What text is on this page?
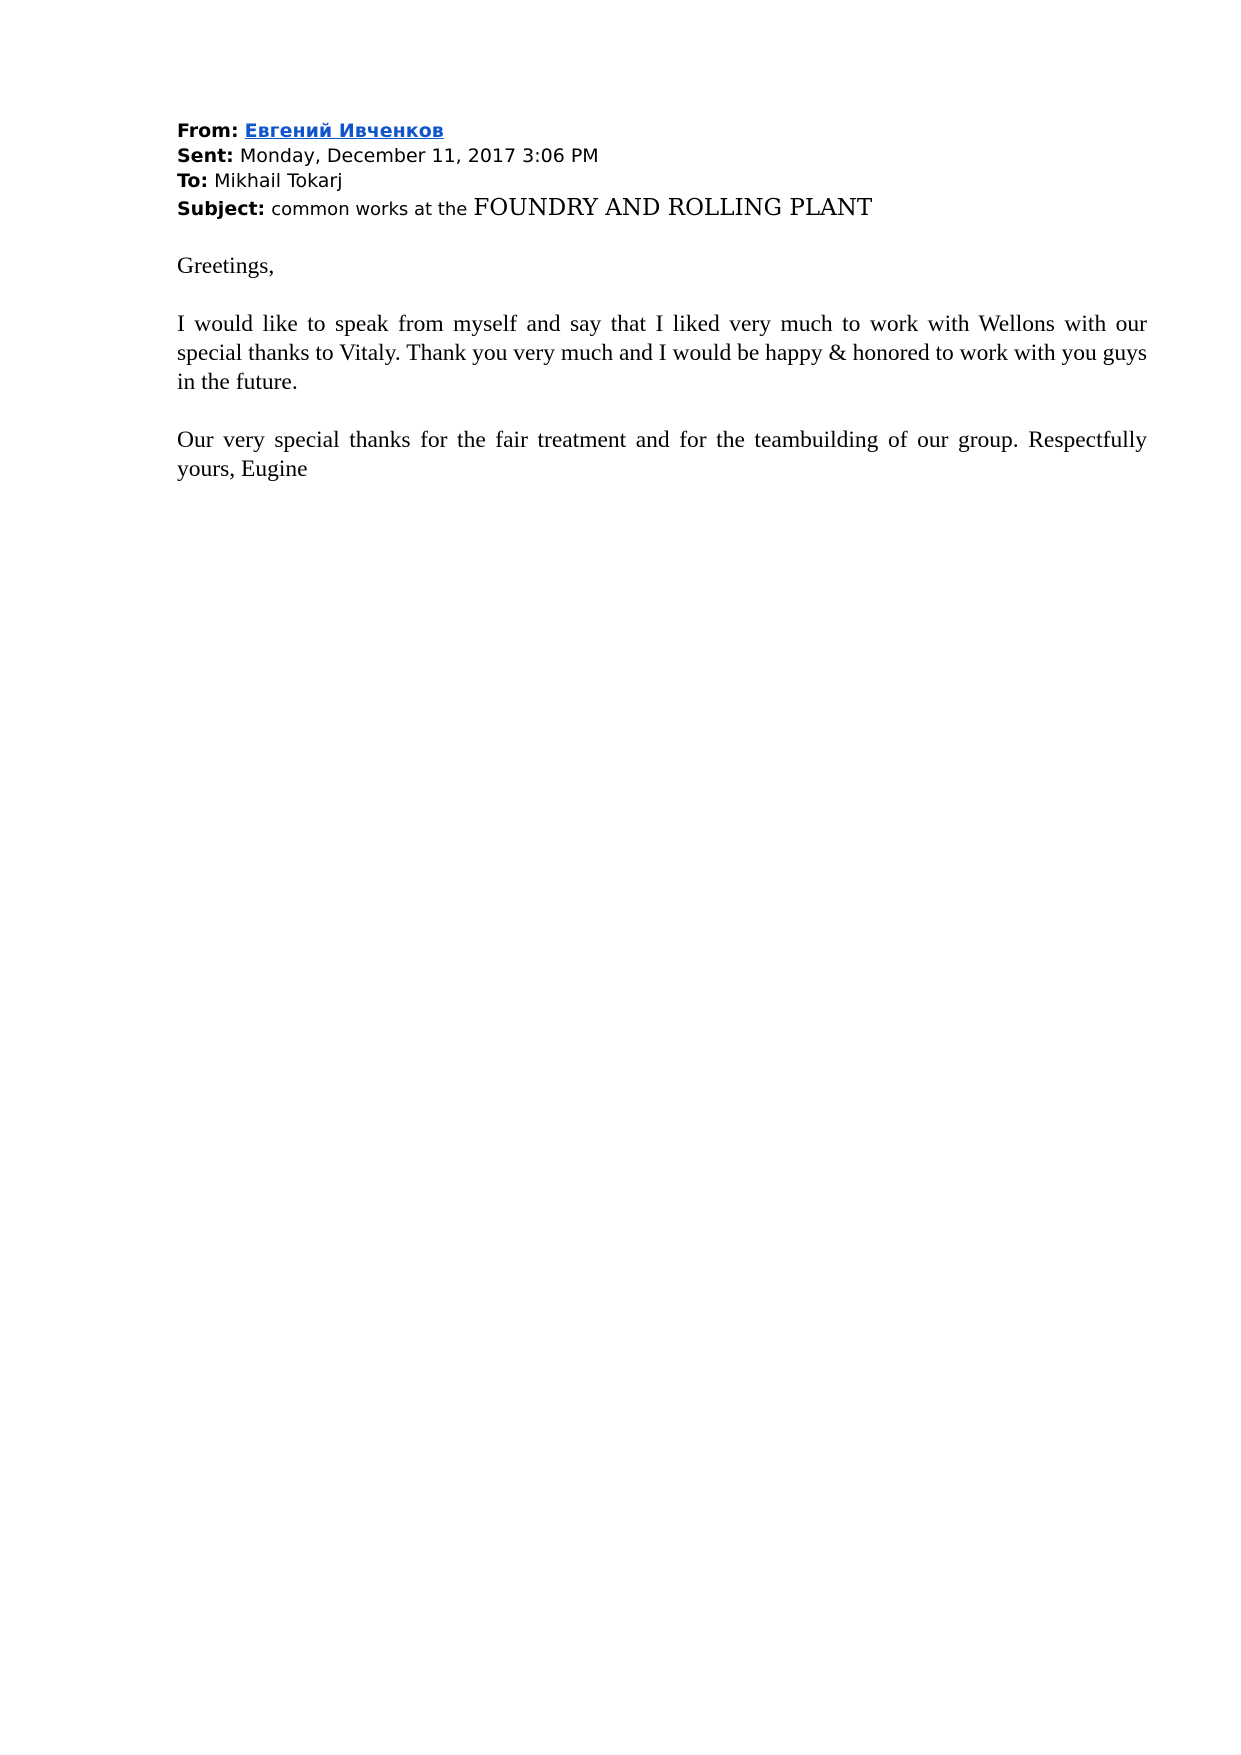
From: Евгений Ивченков
Sent: Monday, December 11, 2017 3:06 PM
To: Mikhail Tokarj
Subject: common works at the FOUNDRY AND ROLLING PLANT

Greetings,

I would like to speak from myself and say that I liked very much to work with Wellons with our special thanks to Vitaly. Thank you very much and I would be happy & honored to work with you guys in the future.

Our very special thanks for the fair treatment and for the teambuilding of our group. Respectfully yours, Eugine
